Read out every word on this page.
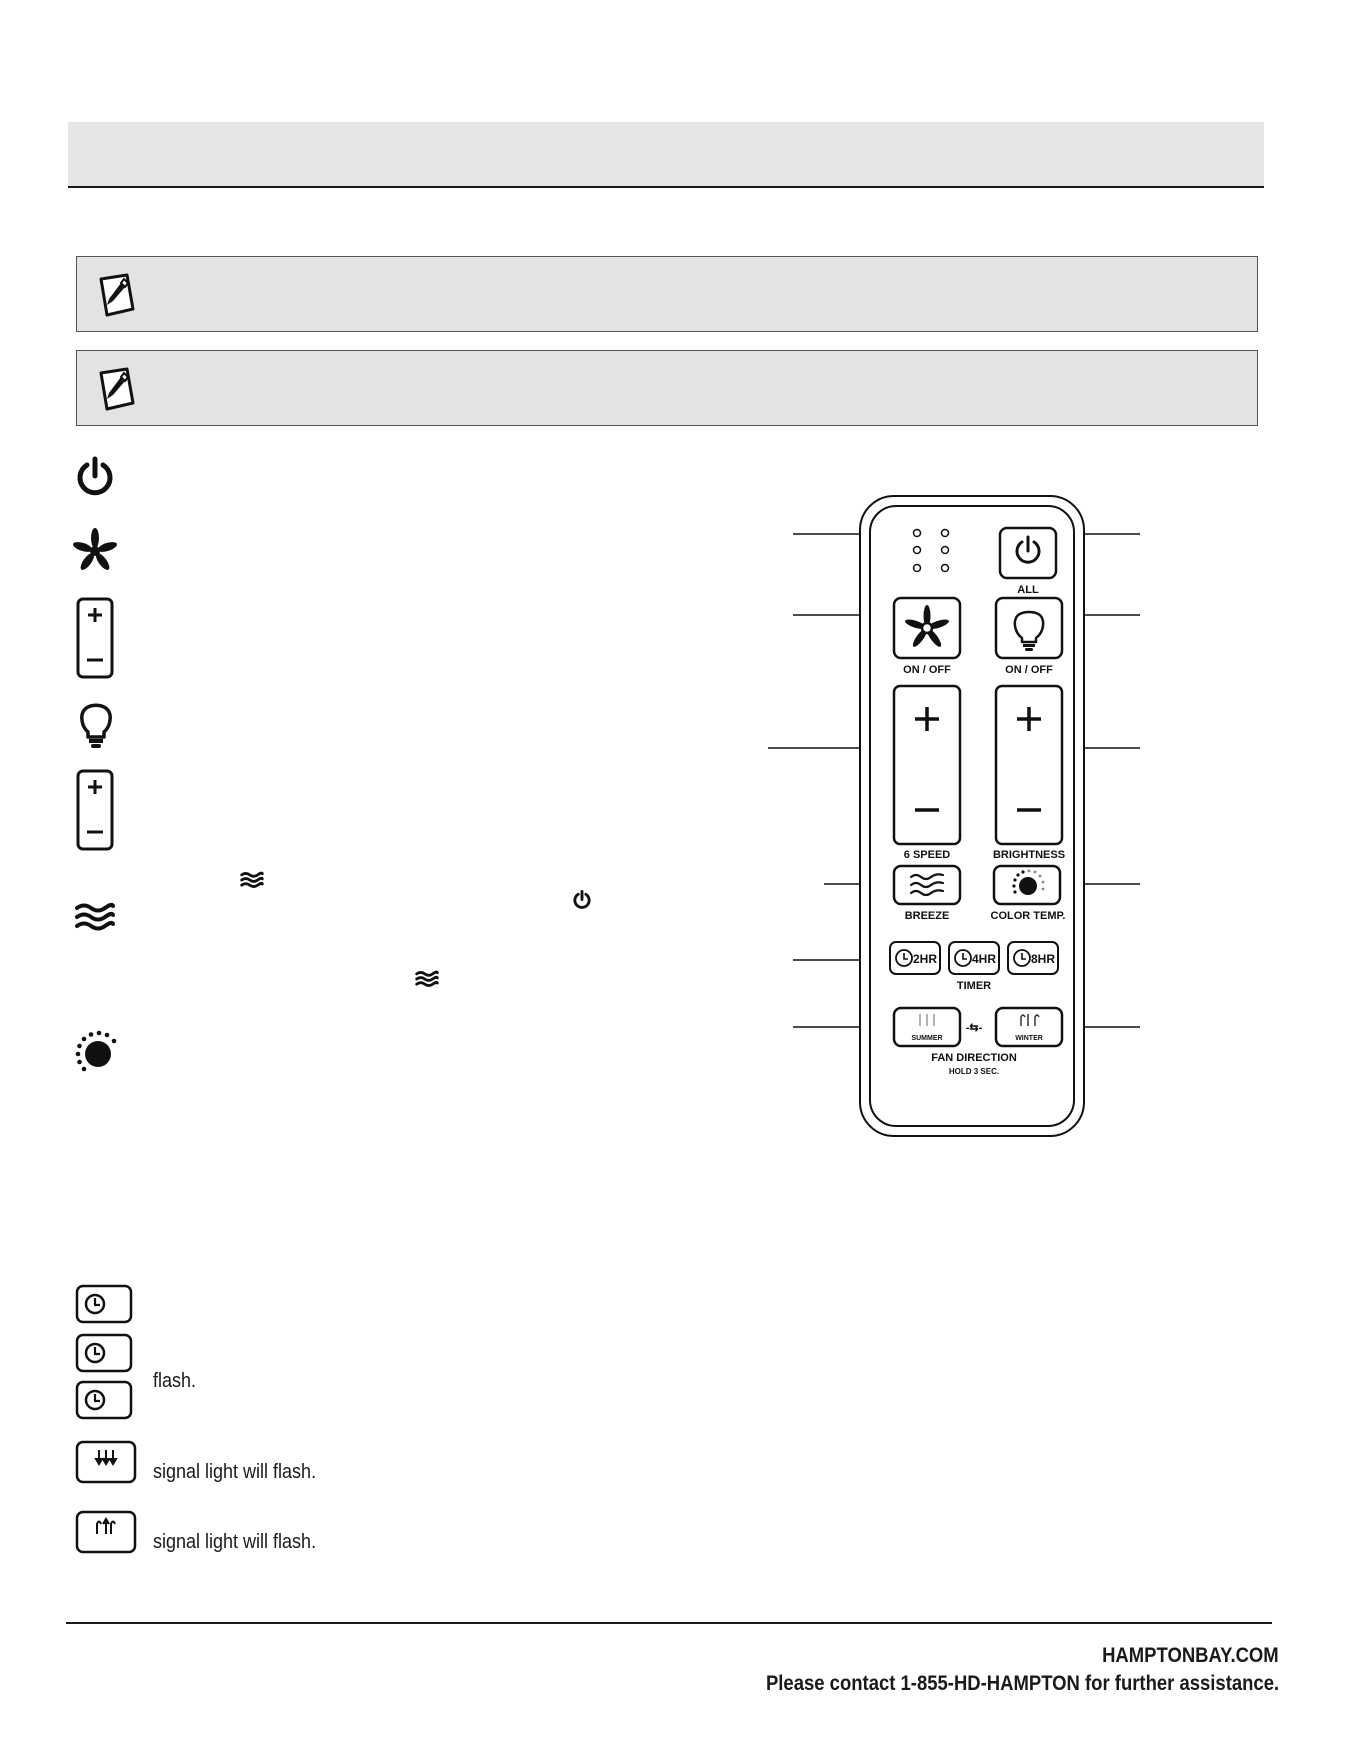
ALL
ON / OFF	ON / OFF
6 SPEED	BRIGHTNESS
BREEZE	COLOR TEMP.
2HR	4HR	8HR
TIMER
SUMMER
-⇆-
WINTER
FAN DIRECTION
HOLD 3 SEC.
flash.
signal light will flash.
signal light will flash.
HAMPTONBAY.COM
Please contact 1-855-HD-HAMPTON for further assistance.
